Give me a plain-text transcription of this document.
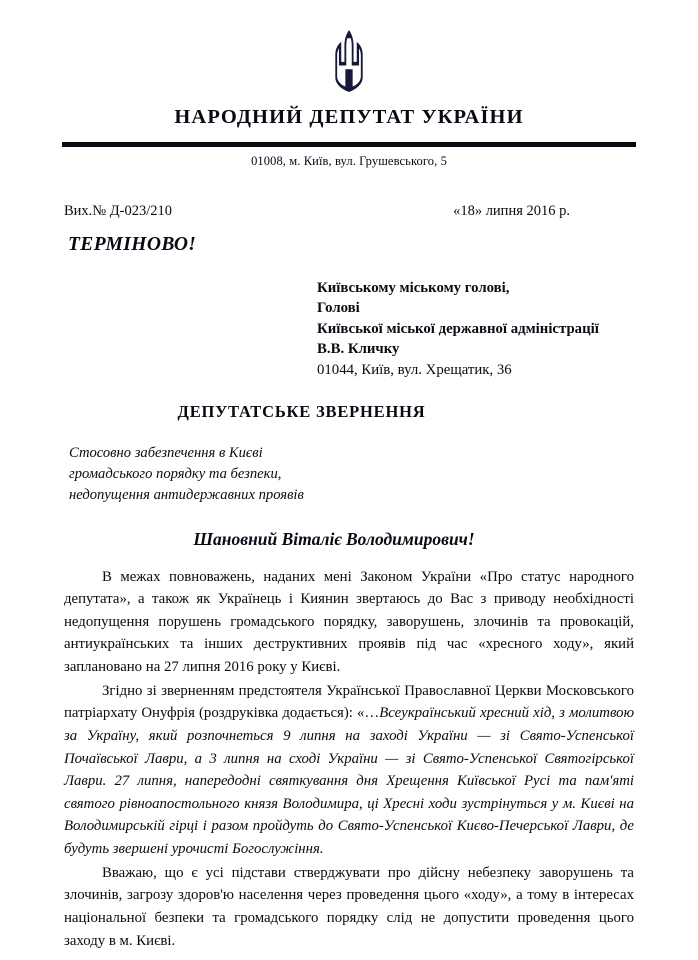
НАРОДНИЙ ДЕПУТАТ УКРАЇНИ
01008, м. Київ, вул. Грушевського, 5
Вих.№ Д-023/210	«18» липня 2016 р.
ТЕРМІНОВО!
Київському міському голові,
Голові
Київської міської державної адміністрації
В.В. Кличку
01044, Київ, вул. Хрещатик, 36
ДЕПУТАТСЬКЕ ЗВЕРНЕННЯ
Стосовно забезпечення в Києві
громадського порядку та безпеки,
недопущення антидержавних проявів
Шановний Віталіє Володимирович!

В межах повноважень, наданих мені Законом України «Про статус народного депутата», а також як Українець і Киянин звертаюсь до Вас з приводу необхідності недопущення порушень громадського порядку, заворушень, злочинів та провокацій, антиукраїнських та інших деструктивних проявів під час «хресного ходу», який заплановано на 27 липня 2016 року у Києві.

Згідно зі зверненням предстоятеля Української Православної Церкви Московського патріархату Онуфрія (роздруківка додається): «…Всеукраїнський хресний хід, з молитвою за Україну, який розпочнеться 9 липня на заході України — зі Свято-Успенської Почаївської Лаври, а 3 липня на сході України — зі Свято-Успенської Святогірської Лаври. 27 липня, напередодні святкування дня Хрещення Київської Русі та пам'яті святого рівноапостольного князя Володимира, ці Хресні ходи зустрінуться у м. Києві на Володимирській гірці і разом пройдуть до Свято-Успенської Києво-Печерської Лаври, де будуть звершені урочисті Богослужіння.

Вважаю, що є усі підстави стверджувати про дійсну небезпеку заворушень та злочинів, загрозу здоров'ю населення через проведення цього «ходу», а тому в інтересах національної безпеки та громадського порядку слід не допустити проведення цього заходу в м. Києві.
